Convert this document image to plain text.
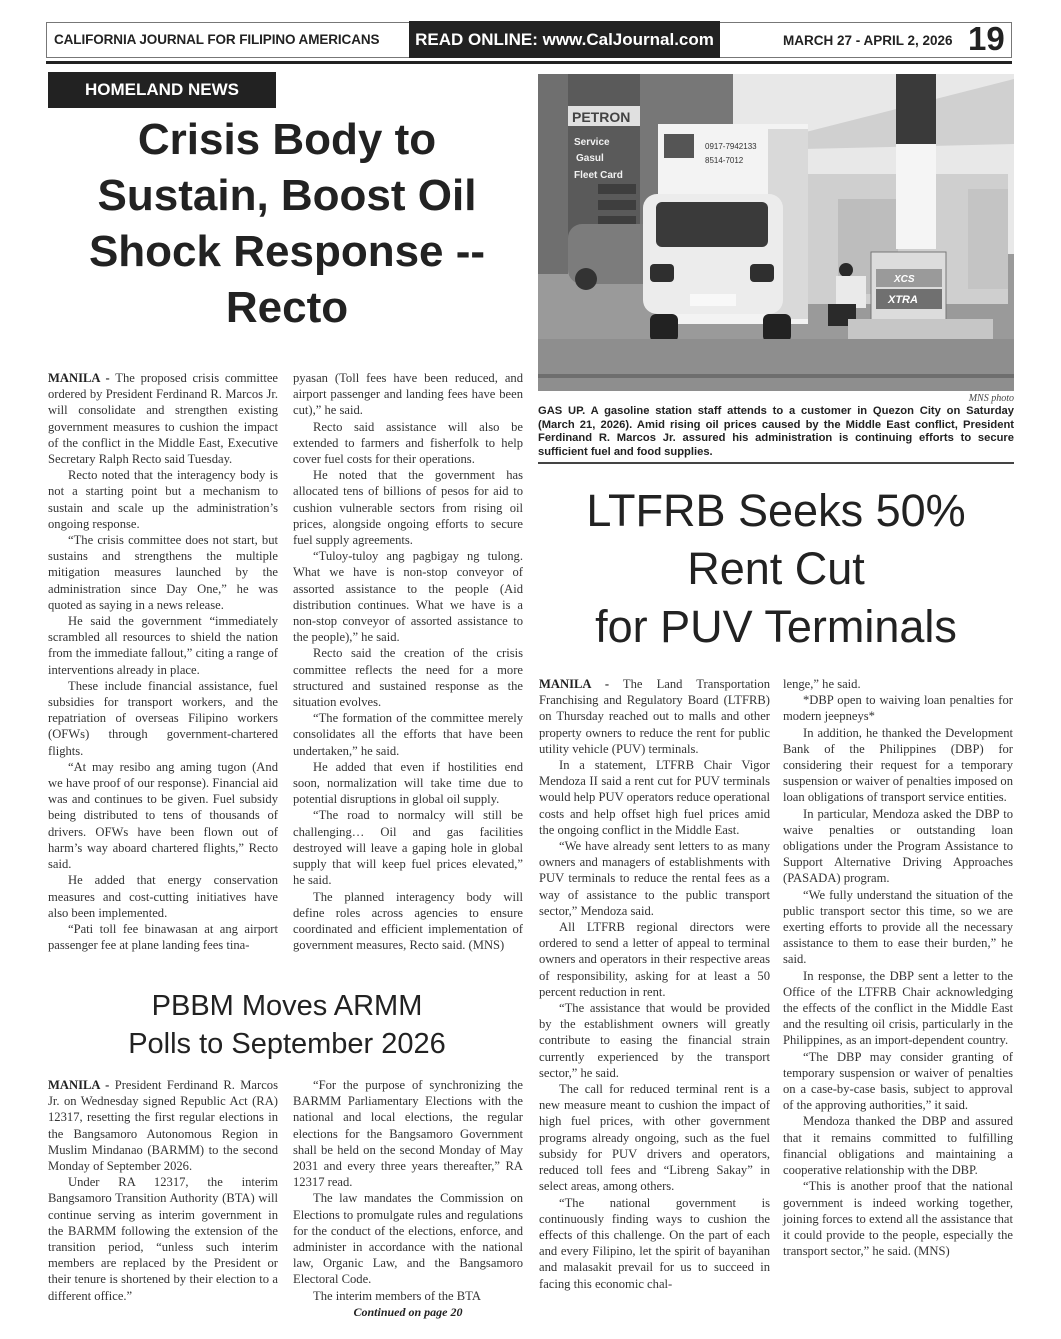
CALIFORNIA JOURNAL FOR FILIPINO AMERICANS	READ ONLINE: www.CalJournal.com	MARCH 27 - APRIL 2, 2026 19
HOMELAND NEWS
Crisis Body to Sustain, Boost Oil Shock Response -- Recto

MANILA - The proposed crisis committee ordered by President Ferdinand R. Marcos Jr. will consolidate and strengthen existing government measures to cushion the impact of the conflict in the Middle East, Executive Secretary Ralph Recto said Tuesday.

Recto noted that the interagency body is not a starting point but a mechanism to sustain and scale up the administration’s ongoing response.

“The crisis committee does not start, but sustains and strengthens the multiple mitigation measures launched by the administration since Day One,” he was quoted as saying in a news release.

He said the government “immediately scrambled all resources to shield the nation from the immediate fallout,” citing a range of interventions already in place.

These include financial assistance, fuel subsidies for transport workers, and the repatriation of overseas Filipino workers (OFWs) through government-chartered flights.

“At may resibo ang aming tugon (And we have proof of our response). Financial aid was and continues to be given. Fuel subsidy being distributed to tens of thousands of drivers. OFWs have been flown out of harm’s way aboard chartered flights,” Recto said.

He added that energy conservation measures and cost-cutting initiatives have also been implemented.

“Pati toll fee binawasan at ang airport passenger fee at plane landing fees tina-

pyasan (Toll fees have been reduced, and airport passenger and landing fees have been cut),” he said.

Recto said assistance will also be extended to farmers and fisherfolk to help cover fuel costs for their operations.

He noted that the government has allocated tens of billions of pesos for aid to cushion vulnerable sectors from rising oil prices, alongside ongoing efforts to secure fuel supply agreements.

“Tuloy-tuloy ang pagbigay ng tulong. What we have is non-stop conveyor of assorted assistance to the people (Aid distribution continues. What we have is a non-stop conveyor of assorted assistance to the people),” he said.

Recto said the creation of the crisis committee reflects the need for a more structured and sustained response as the situation evolves.

“The formation of the committee merely consolidates all the efforts that have been undertaken,” he said.

He added that even if hostilities end soon, normalization will take time due to potential disruptions in global oil supply.

“The road to normalcy will still be challenging… Oil and gas facilities destroyed will leave a gaping hole in global supply that will keep fuel prices elevated,” he said.

The planned interagency body will define roles across agencies to ensure coordinated and efficient implementation of government measures, Recto said. (MNS)

PETRON
Service
Gasul
Fleet Card
0917-7942133
8514-7012
XCS
XTRA
MNS photo
GAS UP. A gasoline station staff attends to a customer in Quezon City on Saturday (March 21, 2026). Amid rising oil prices caused by the Middle East conflict, President Ferdinand R. Marcos Jr. assured his administration is continuing efforts to secure sufficient fuel and food supplies.
LTFRB Seeks 50%
Rent Cut
for PUV Terminals

MANILA - The Land Transportation Franchising and Regulatory Board (LTFRB) on Thursday reached out to malls and other property owners to reduce the rent for public utility vehicle (PUV) terminals.

In a statement, LTFRB Chair Vigor Mendoza II said a rent cut for PUV terminals would help PUV operators reduce operational costs and help offset high fuel prices amid the ongoing conflict in the Middle East.

“We have already sent letters to as many owners and managers of establishments with PUV terminals to reduce the rental fees as a way of assistance to the public transport sector,” Mendoza said.

All LTFRB regional directors were ordered to send a letter of appeal to terminal owners and operators in their respective areas of responsibility, asking for at least a 50 percent reduction in rent.

“The assistance that would be provided by the establishment owners will greatly contribute to easing the financial strain currently experienced by the transport sector,” he said.

The call for reduced terminal rent is a new measure meant to cushion the impact of high fuel prices, with other government programs already ongoing, such as the fuel subsidy for PUV drivers and operators, reduced toll fees and “Libreng Sakay” in select areas, among others.

“The national government is continuously finding ways to cushion the effects of this challenge. On the part of each and every Filipino, let the spirit of bayanihan and malasakit prevail for us to succeed in facing this economic chal-

lenge,” he said.

*DBP open to waiving loan penalties for modern jeepneys*

In addition, he thanked the Development Bank of the Philippines (DBP) for considering their request for a temporary suspension or waiver of penalties imposed on loan obligations of transport service entities.

In particular, Mendoza asked the DBP to waive penalties or outstanding loan obligations under the Program Assistance to Support Alternative Driving Approaches (PASADA) program.

“We fully understand the situation of the public transport sector this time, so we are exerting efforts to provide all the necessary assistance to them to ease their burden,” he said.

In response, the DBP sent a letter to the Office of the LTFRB Chair acknowledging the effects of the conflict in the Middle East and the resulting oil crisis, particularly in the Philippines, as an import-dependent country.

“The DBP may consider granting of temporary suspension or waiver of penalties on a case-by-case basis, subject to approval of the approving authorities,” it said.

Mendoza thanked the DBP and assured that it remains committed to fulfilling financial obligations and maintaining a cooperative relationship with the DBP.

“This is another proof that the national government is indeed working together, joining forces to extend all the assistance that it could provide to the people, especially the transport sector,” he said. (MNS)

PBBM Moves ARMM
Polls to September 2026

MANILA - President Ferdinand R. Marcos Jr. on Wednesday signed Republic Act (RA) 12317, resetting the first regular elections in the Bangsamoro Autonomous Region in Muslim Mindanao (BARMM) to the second Monday of September 2026.

Under RA 12317, the interim Bangsamoro Transition Authority (BTA) will continue serving as interim government in the BARMM following the extension of the transition period, “unless such interim members are replaced by the President or their tenure is shortened by their election to a different office.”

“For the purpose of synchronizing the BARMM Parliamentary Elections with the national and local elections, the regular elections for the Bangsamoro Government shall be held on the second Monday of May 2031 and every three years thereafter,” RA 12317 read.

The law mandates the Commission on Elections to promulgate rules and regulations for the conduct of the elections, enforce, and administer in accordance with the national law, Organic Law, and the Bangsamoro Electoral Code.

The interim members of the BTA

Continued on page 20
